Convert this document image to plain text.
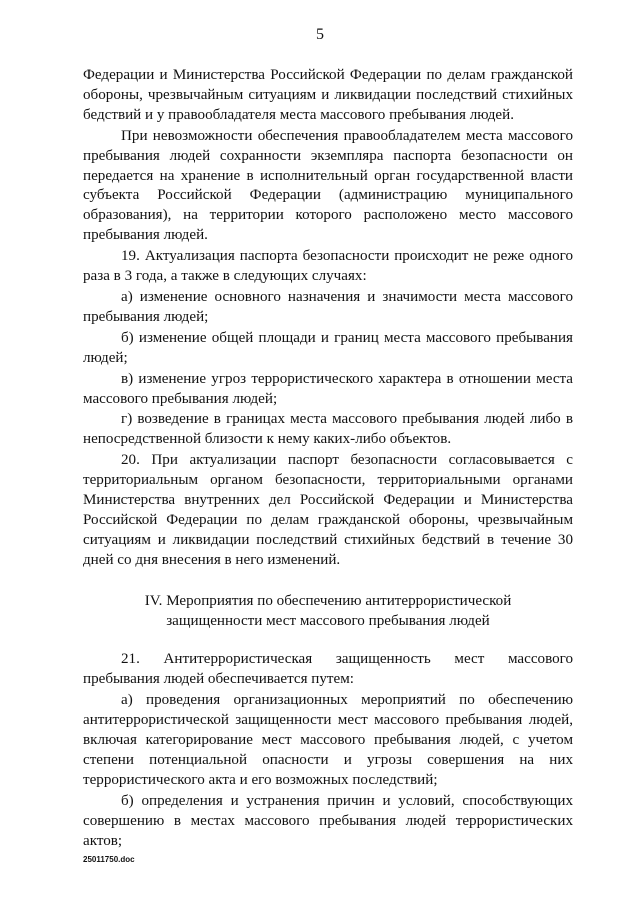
5

Федерации и Министерства Российской Федерации по делам гражданской обороны, чрезвычайным ситуациям и ликвидации последствий стихийных бедствий и у правообладателя места массового пребывания людей.

При невозможности обеспечения правообладателем места массового пребывания людей сохранности экземпляра паспорта безопасности он передается на хранение в исполнительный орган государственной власти субъекта Российской Федерации (администрацию муниципального образования), на территории которого расположено место массового пребывания людей.

19. Актуализация паспорта безопасности происходит не реже одного раза в 3 года, а также в следующих случаях:

а) изменение основного назначения и значимости места массового пребывания людей;

б) изменение общей площади и границ места массового пребывания людей;

в) изменение угроз террористического характера в отношении места массового пребывания людей;

г) возведение в границах места массового пребывания людей либо в непосредственной близости к нему каких-либо объектов.

20. При актуализации паспорт безопасности согласовывается с территориальным органом безопасности, территориальными органами Министерства внутренних дел Российской Федерации и Министерства Российской Федерации по делам гражданской обороны, чрезвычайным ситуациям и ликвидации последствий стихийных бедствий в течение 30 дней со дня внесения в него изменений.

IV. Мероприятия по обеспечению антитеррористической
защищенности мест массового пребывания людей

21. Антитеррористическая защищенность мест массового пребывания людей обеспечивается путем:

а) проведения организационных мероприятий по обеспечению антитеррористической защищенности мест массового пребывания людей, включая категорирование мест массового пребывания людей, с учетом степени потенциальной опасности и угрозы совершения на них террористического акта и его возможных последствий;

б) определения и устранения причин и условий, способствующих совершению в местах массового пребывания людей террористических актов;

25011750.doc
